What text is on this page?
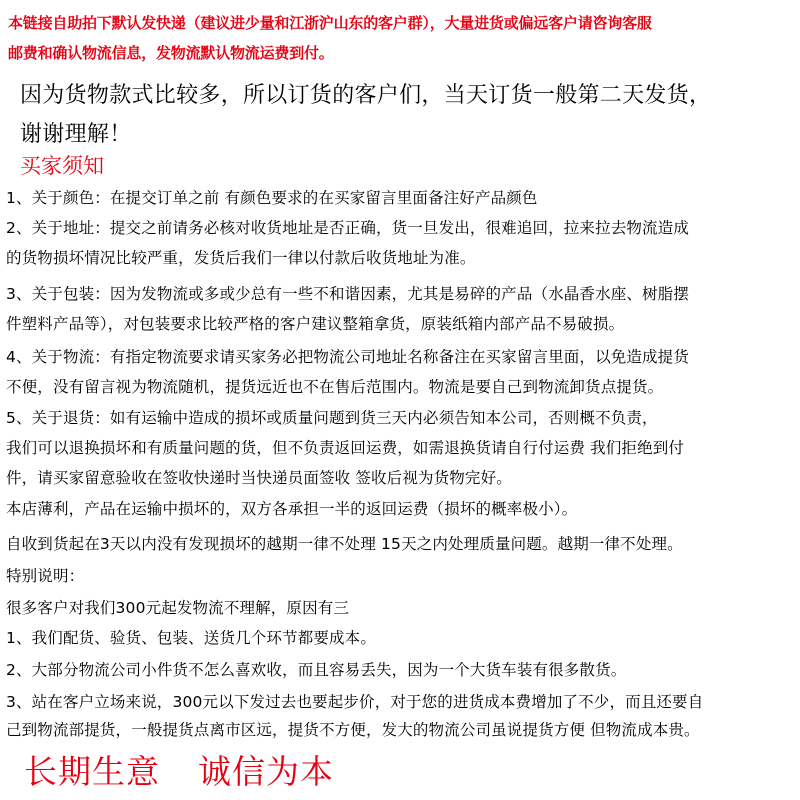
本链接自助拍下默认发快递（建议进少量和江浙沪山东的客户群），大量进货或偏远客户请咨询客服
邮费和确认物流信息，发物流默认物流运费到付。
因为货物款式比较多，所以订货的客户们，当天订货一般第二天发货，
谢谢理解！
买家须知
1、关于颜色：在提交订单之前 有颜色要求的在买家留言里面备注好产品颜色
2、关于地址：提交之前请务必核对收货地址是否正确，货一旦发出，很难追回，拉来拉去物流造成
的货物损坏情况比较严重，发货后我们一律以付款后收货地址为准。
3、关于包装：因为发物流或多或少总有一些不和谐因素，尤其是易碎的产品（水晶香水座、树脂摆
件塑料产品等），对包装要求比较严格的客户建议整箱拿货，原装纸箱内部产品不易破损。
4、关于物流：有指定物流要求请买家务必把物流公司地址名称备注在买家留言里面，以免造成提货
不便，没有留言视为物流随机，提货远近也不在售后范围内。物流是要自己到物流卸货点提货。
5、关于退货：如有运输中造成的损坏或质量问题到货三天内必须告知本公司，否则概不负责，
我们可以退换损坏和有质量问题的货，但不负责返回运费，如需退换货请自行付运费 我们拒绝到付
件，请买家留意验收在签收快递时当快递员面签收 签收后视为货物完好。
本店薄利，产品在运输中损坏的，双方各承担一半的返回运费（损坏的概率极小）。
自收到货起在3天以内没有发现损坏的越期一律不处理 15天之内处理质量问题。越期一律不处理。
特别说明：
很多客户对我们300元起发物流不理解，原因有三
1、我们配货、验货、包装、送货几个环节都要成本。
2、大部分物流公司小件货不怎么喜欢收，而且容易丢失，因为一个大货车装有很多散货。
3、站在客户立场来说，300元以下发过去也要起步价，对于您的进货成本费增加了不少，而且还要自
己到物流部提货，一般提货点离市区远，提货不方便，发大的物流公司虽说提货方便 但物流成本贵。
长期生意 诚信为本
